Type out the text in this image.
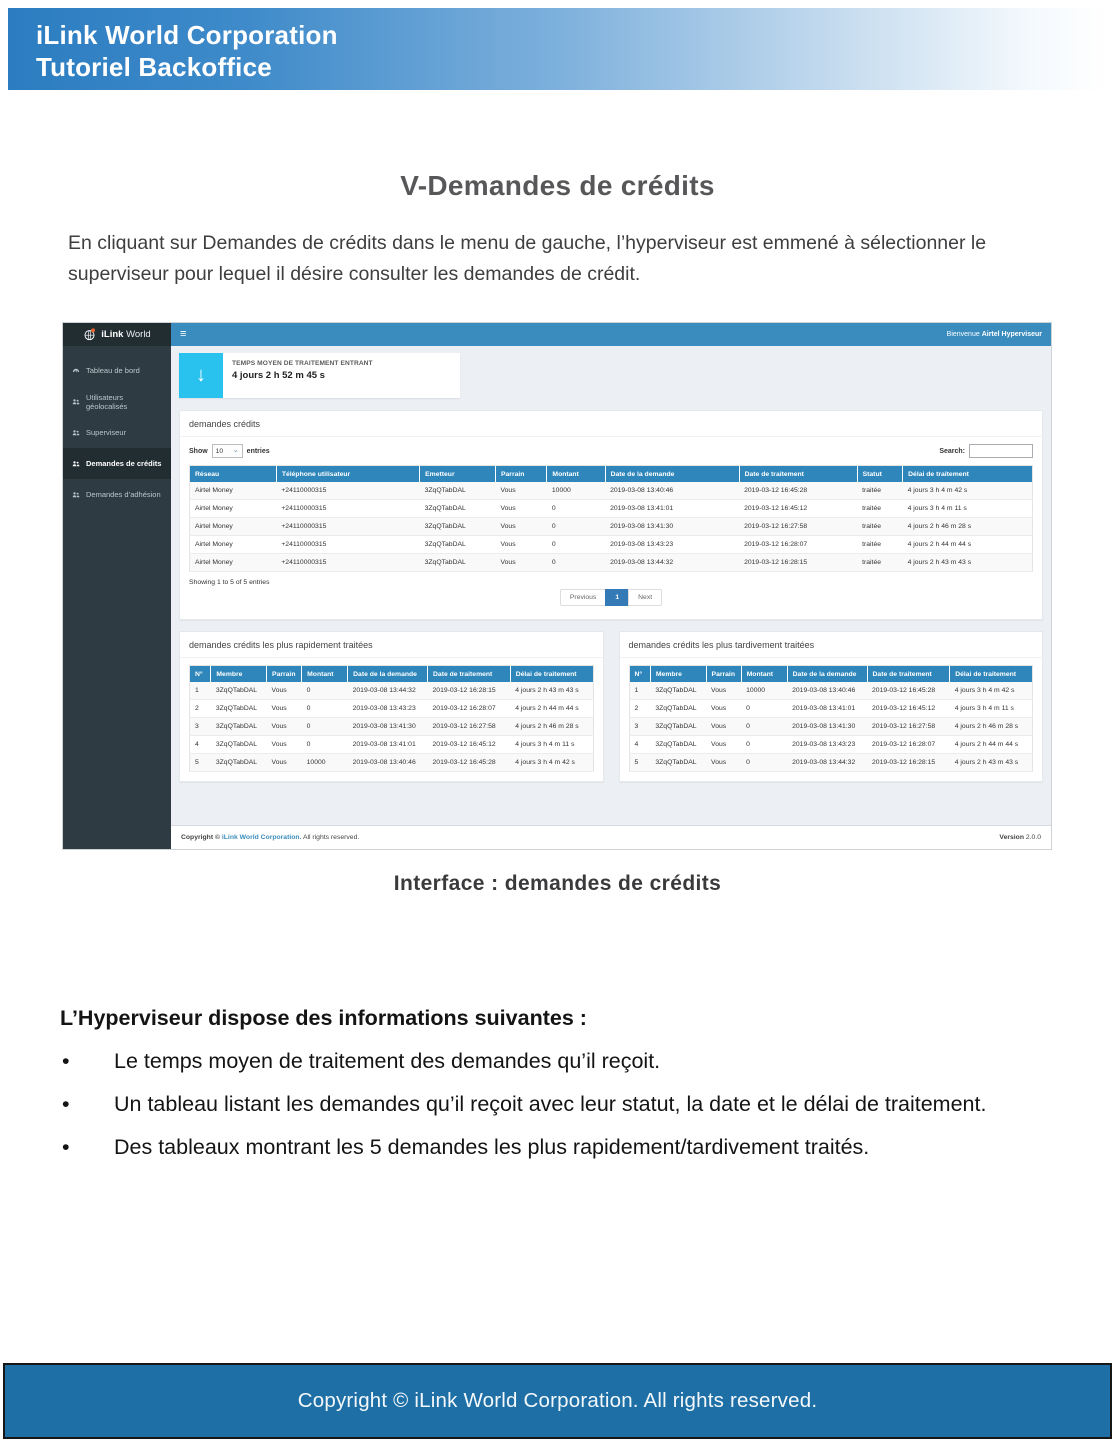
iLink World Corporation
Tutoriel Backoffice
V-Demandes de crédits

En cliquant sur Demandes de crédits dans le menu de gauche, l’hyperviseur est emmené à sélectionner le superviseur pour lequel il désire consulter les demandes de crédit.

iLink World	≡	Bienvenue Airtel Hyperviseur
Tableau de bord
Utilisateurs géolocalisés
Superviseur
Demandes de crédits
Demandes d’adhésion
↓
TEMPS MOYEN DE TRAITEMENT ENTRANT
4 jours 2 h 52 m 45 s
demandes crédits
Show 10 ⌄ entries	Search:
Réseau	Téléphone utilisateur	Emetteur	Parrain	Montant	Date de la demande	Date de traitement	Statut	Délai de traitement
Airtel Money	+24110000315	3ZqQTabDAL	Vous	10000	2019-03-08 13:40:46	2019-03-12 16:45:28	traitée	4 jours 3 h 4 m 42 s
Airtel Money	+24110000315	3ZqQTabDAL	Vous	0	2019-03-08 13:41:01	2019-03-12 16:45:12	traitée	4 jours 3 h 4 m 11 s
Airtel Money	+24110000315	3ZqQTabDAL	Vous	0	2019-03-08 13:41:30	2019-03-12 16:27:58	traitée	4 jours 2 h 46 m 28 s
Airtel Money	+24110000315	3ZqQTabDAL	Vous	0	2019-03-08 13:43:23	2019-03-12 16:28:07	traitée	4 jours 2 h 44 m 44 s
Airtel Money	+24110000315	3ZqQTabDAL	Vous	0	2019-03-08 13:44:32	2019-03-12 16:28:15	traitée	4 jours 2 h 43 m 43 s
Showing 1 to 5 of 5 entries
Previous	1	Next
demandes crédits les plus rapidement traitées
N°	Membre	Parrain	Montant	Date de la demande	Date de traitement	Délai de traitement
1	3ZqQTabDAL	Vous	0	2019-03-08 13:44:32	2019-03-12 16:28:15	4 jours 2 h 43 m 43 s
2	3ZqQTabDAL	Vous	0	2019-03-08 13:43:23	2019-03-12 16:28:07	4 jours 2 h 44 m 44 s
3	3ZqQTabDAL	Vous	0	2019-03-08 13:41:30	2019-03-12 16:27:58	4 jours 2 h 46 m 28 s
4	3ZqQTabDAL	Vous	0	2019-03-08 13:41:01	2019-03-12 16:45:12	4 jours 3 h 4 m 11 s
5	3ZqQTabDAL	Vous	10000	2019-03-08 13:40:46	2019-03-12 16:45:28	4 jours 3 h 4 m 42 s
demandes crédits les plus tardivement traitées
N°	Membre	Parrain	Montant	Date de la demande	Date de traitement	Délai de traitement
1	3ZqQTabDAL	Vous	10000	2019-03-08 13:40:46	2019-03-12 16:45:28	4 jours 3 h 4 m 42 s
2	3ZqQTabDAL	Vous	0	2019-03-08 13:41:01	2019-03-12 16:45:12	4 jours 3 h 4 m 11 s
3	3ZqQTabDAL	Vous	0	2019-03-08 13:41:30	2019-03-12 16:27:58	4 jours 2 h 46 m 28 s
4	3ZqQTabDAL	Vous	0	2019-03-08 13:43:23	2019-03-12 16:28:07	4 jours 2 h 44 m 44 s
5	3ZqQTabDAL	Vous	0	2019-03-08 13:44:32	2019-03-12 16:28:15	4 jours 2 h 43 m 43 s
Copyright © iLink World Corporation. All rights reserved.	Version 2.0.0
Interface : demandes de crédits
L’Hyperviseur dispose des informations suivantes :
•	Le temps moyen de traitement des demandes qu’il reçoit.
•	Un tableau listant les demandes qu’il reçoit avec leur statut, la date et le délai de traitement.
•	Des tableaux montrant les 5 demandes les plus rapidement/tardivement traités.
Copyright © iLink World Corporation. All rights reserved.
